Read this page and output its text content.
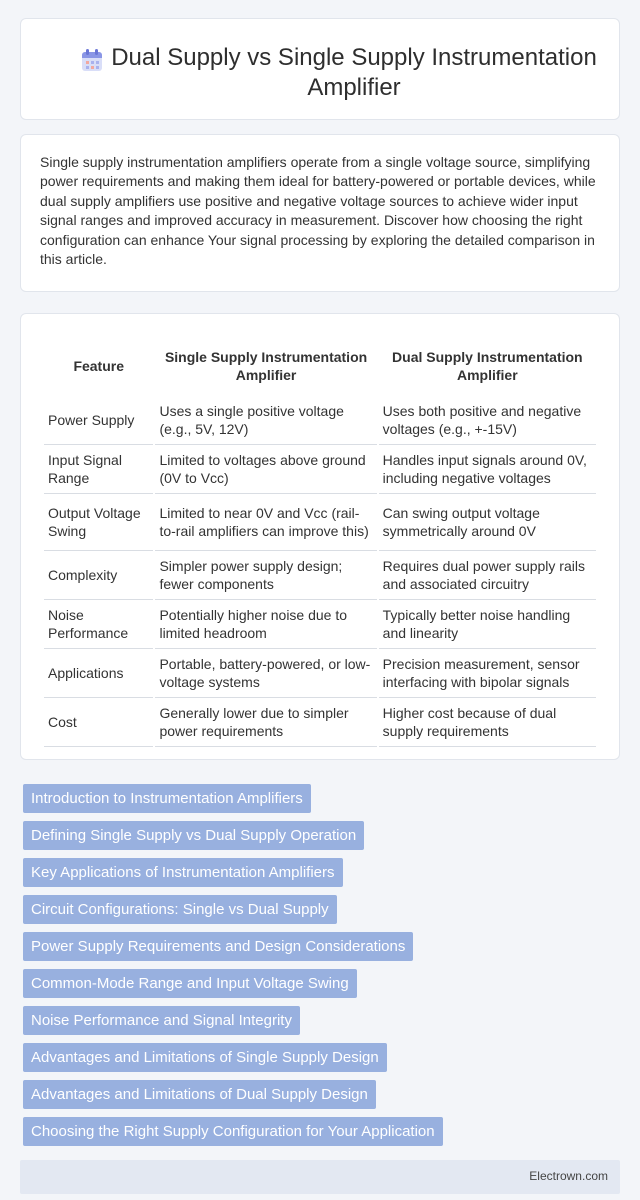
Dual Supply vs Single Supply Instrumentation Amplifier
Single supply instrumentation amplifiers operate from a single voltage source, simplifying power requirements and making them ideal for battery-powered or portable devices, while dual supply amplifiers use positive and negative voltage sources to achieve wider input signal ranges and improved accuracy in measurement. Discover how choosing the right configuration can enhance Your signal processing by exploring the detailed comparison in this article.
Feature	Single Supply Instrumentation Amplifier	Dual Supply Instrumentation Amplifier
Power Supply	Uses a single positive voltage (e.g., 5V, 12V)	Uses both positive and negative voltages (e.g., +-15V)
Input Signal Range	Limited to voltages above ground (0V to Vcc)	Handles input signals around 0V, including negative voltages
Output Voltage Swing	Limited to near 0V and Vcc (rail-to-rail amplifiers can improve this)	Can swing output voltage symmetrically around 0V
Complexity	Simpler power supply design; fewer components	Requires dual power supply rails and associated circuitry
Noise Performance	Potentially higher noise due to limited headroom	Typically better noise handling and linearity
Applications	Portable, battery-powered, or low-voltage systems	Precision measurement, sensor interfacing with bipolar signals
Cost	Generally lower due to simpler power requirements	Higher cost because of dual supply requirements
Introduction to Instrumentation Amplifiers
Defining Single Supply vs Dual Supply Operation
Key Applications of Instrumentation Amplifiers
Circuit Configurations: Single vs Dual Supply
Power Supply Requirements and Design Considerations
Common-Mode Range and Input Voltage Swing
Noise Performance and Signal Integrity
Advantages and Limitations of Single Supply Design
Advantages and Limitations of Dual Supply Design
Choosing the Right Supply Configuration for Your Application
Electrown.com
